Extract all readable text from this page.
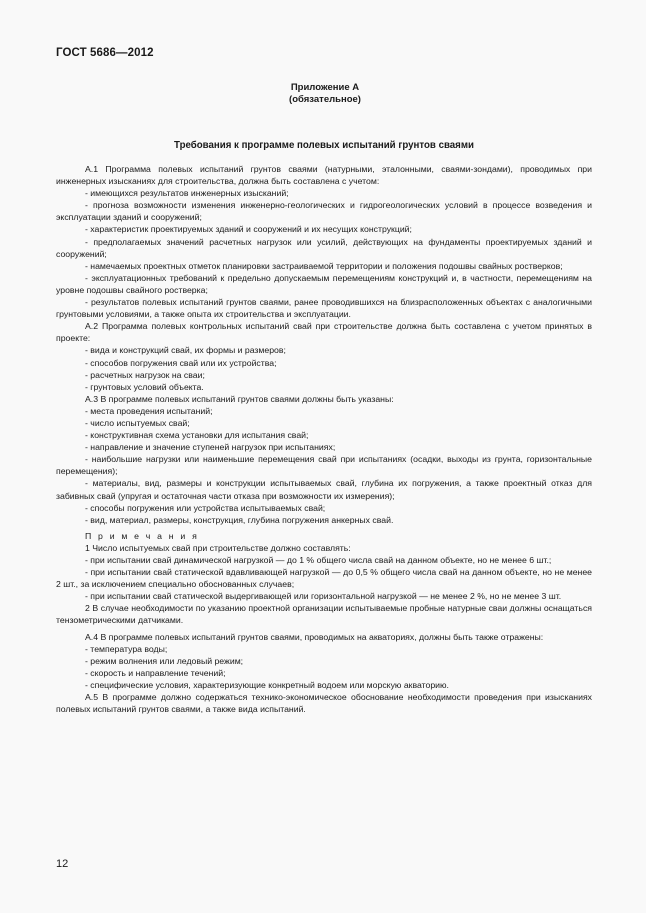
ГОСТ 5686—2012
Приложение А
(обязательное)
Требования к программе полевых испытаний грунтов сваями

А.1 Программа полевых испытаний грунтов сваями (натурными, эталонными, сваями-зондами), проводимых при инженерных изысканиях для строительства, должна быть составлена с учетом:

- имеющихся результатов инженерных изысканий;

- прогноза возможности изменения инженерно-геологических и гидрогеологических условий в процессе возведения и эксплуатации зданий и сооружений;

- характеристик проектируемых зданий и сооружений и их несущих конструкций;

- предполагаемых значений расчетных нагрузок или усилий, действующих на фундаменты проектируемых зданий и сооружений;

- намечаемых проектных отметок планировки застраиваемой территории и положения подошвы свайных ростверков;

- эксплуатационных требований к предельно допускаемым перемещениям конструкций и, в частности, перемещениям на уровне подошвы свайного ростверка;

- результатов полевых испытаний грунтов сваями, ранее проводившихся на близрасположенных объектах с аналогичными грунтовыми условиями, а также опыта их строительства и эксплуатации.

А.2 Программа полевых контрольных испытаний свай при строительстве должна быть составлена с учетом принятых в проекте:

- вида и конструкций свай, их формы и размеров;

- способов погружения свай или их устройства;

- расчетных нагрузок на сваи;

- грунтовых условий объекта.

А.3 В программе полевых испытаний грунтов сваями должны быть указаны:

- места проведения испытаний;

- число испытуемых свай;

- конструктивная схема установки для испытания свай;

- направление и значение ступеней нагрузок при испытаниях;

- наибольшие нагрузки или наименьшие перемещения свай при испытаниях (осадки, выходы из грунта, горизонтальные перемещения);

- материалы, вид, размеры и конструкции испытываемых свай, глубина их погружения, а также проектный отказ для забивных свай (упругая и остаточная части отказа при возможности их измерения);

- способы погружения или устройства испытываемых свай;

- вид, материал, размеры, конструкция, глубина погружения анкерных свай.

П р и м е ч а н и я

1 Число испытуемых свай при строительстве должно составлять:

- при испытании свай динамической нагрузкой — до 1 % общего числа свай на данном объекте, но не менее 6 шт.;

- при испытании свай статической вдавливающей нагрузкой — до 0,5 % общего числа свай на данном объекте, но не менее 2 шт., за исключением специально обоснованных случаев;

- при испытании свай статической выдергивающей или горизонтальной нагрузкой — не менее 2 %, но не менее 3 шт.

2 В случае необходимости по указанию проектной организации испытываемые пробные натурные сваи должны оснащаться тензометрическими датчиками.

А.4 В программе полевых испытаний грунтов сваями, проводимых на акваториях, должны быть также отражены:

- температура воды;

- режим волнения или ледовый режим;

- скорость и направление течений;

- специфические условия, характеризующие конкретный водоем или морскую акваторию.

А.5 В программе должно содержаться технико-экономическое обоснование необходимости проведения при изысканиях полевых испытаний грунтов сваями, а также вида испытаний.

12
